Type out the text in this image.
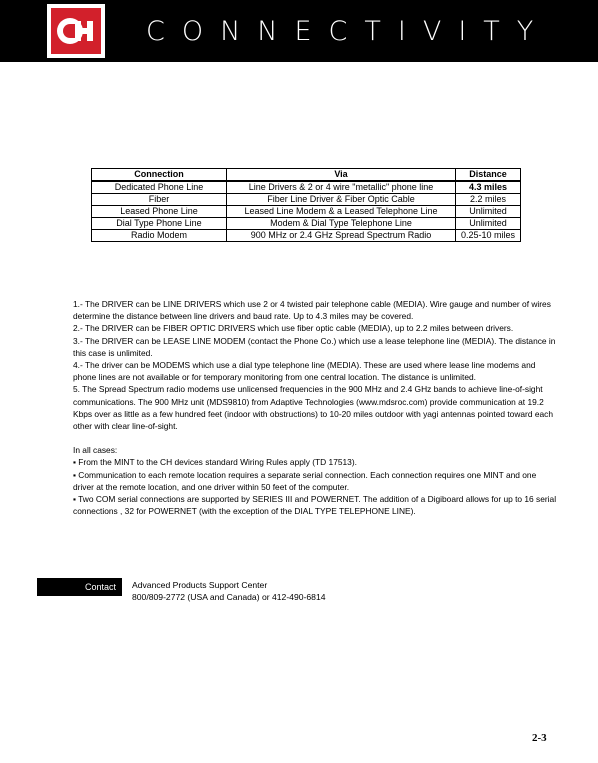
CONNECTIVITY
Connection	Via	Distance
Dedicated Phone Line	Line Drivers & 2 or 4 wire "metallic" phone line	4.3 miles
Fiber	Fiber Line Driver & Fiber Optic Cable	2.2 miles
Leased Phone Line	Leased Line Modem & a Leased Telephone Line	Unlimited
Dial Type Phone Line	Modem & Dial Type Telephone Line	Unlimited
Radio Modem	900 MHz or 2.4 GHz Spread Spectrum Radio	0.25-10 miles

1.- The DRIVER can be LINE DRIVERS which use 2 or 4 twisted pair telephone cable (MEDIA). Wire gauge and number of wires determine the distance between line drivers and baud rate. Up to 4.3 miles may be covered.

2.- The DRIVER can be FIBER OPTIC DRIVERS which use fiber optic cable (MEDIA), up to 2.2 miles between drivers.

3.- The DRIVER can be LEASE LINE MODEM (contact the Phone Co.) which use a lease telephone line (MEDIA). The distance in this case is unlimited.

4.- The driver can be MODEMS which use a dial type telephone line (MEDIA). These are used where lease line modems and phone lines are not available or for temporary monitoring from one central location. The distance is unlimited.

5. The Spread Spectrum radio modems use unlicensed frequencies in the 900 MHz and 2.4 GHz bands to achieve line-of-sight communications. The 900 MHz unit (MDS9810) from Adaptive Technologies (www.mdsroc.com) provide communication at 19.2 Kbps over as little as a few hundred feet (indoor with obstructions) to 10-20 miles outdoor with yagi antennas pointed toward each other with clear line-of-sight.

In all cases:

▪ From the MINT to the CH devices standard Wiring Rules apply (TD 17513).

▪ Communication to each remote location requires a separate serial connection. Each connection requires one MINT and one driver at the remote location, and one driver within 50 feet of the computer.

▪ Two COM serial connections are supported by SERIES III and POWERNET. The addition of a Digiboard allows for up to 16 serial connections , 32 for POWERNET (with the exception of the DIAL TYPE TELEPHONE LINE).

Contact	Advanced Products Support Center
800/809-2772 (USA and Canada) or 412-490-6814
2-3
